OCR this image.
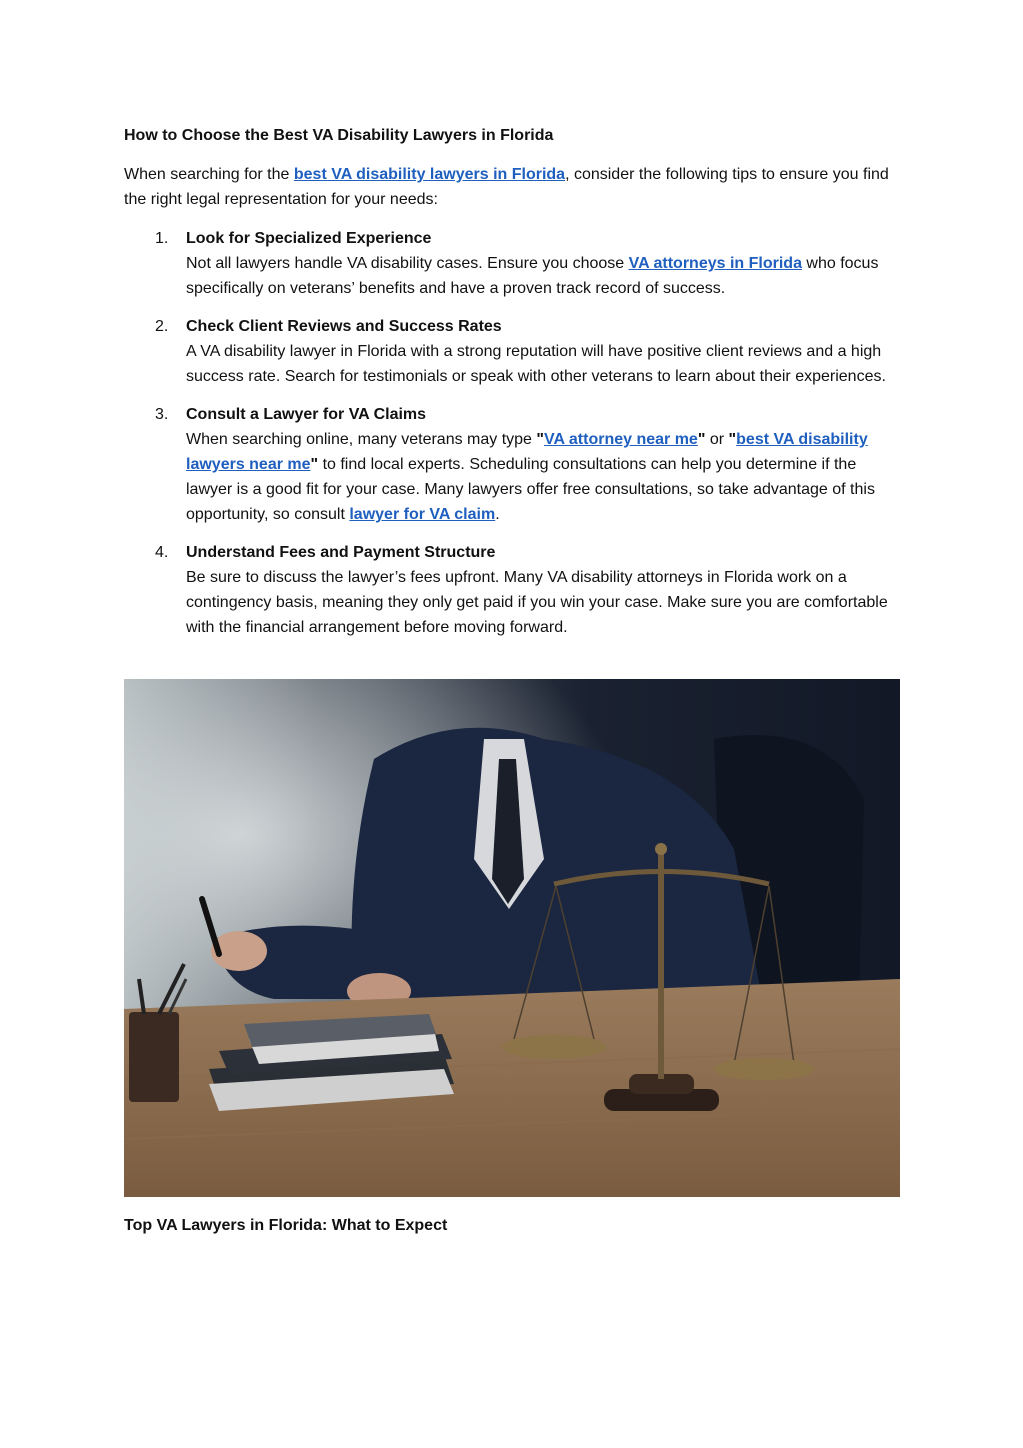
How to Choose the Best VA Disability Lawyers in Florida
When searching for the best VA disability lawyers in Florida, consider the following tips to ensure you find the right legal representation for your needs:
1. Look for Specialized Experience
Not all lawyers handle VA disability cases. Ensure you choose VA attorneys in Florida who focus specifically on veterans’ benefits and have a proven track record of success.
2. Check Client Reviews and Success Rates
A VA disability lawyer in Florida with a strong reputation will have positive client reviews and a high success rate. Search for testimonials or speak with other veterans to learn about their experiences.
3. Consult a Lawyer for VA Claims
When searching online, many veterans may type "VA attorney near me" or "best VA disability lawyers near me" to find local experts. Scheduling consultations can help you determine if the lawyer is a good fit for your case. Many lawyers offer free consultations, so take advantage of this opportunity, so consult lawyer for VA claim.
4. Understand Fees and Payment Structure
Be sure to discuss the lawyer’s fees upfront. Many VA disability attorneys in Florida work on a contingency basis, meaning they only get paid if you win your case. Make sure you are comfortable with the financial arrangement before moving forward.
Top VA Lawyers in Florida: What to Expect
